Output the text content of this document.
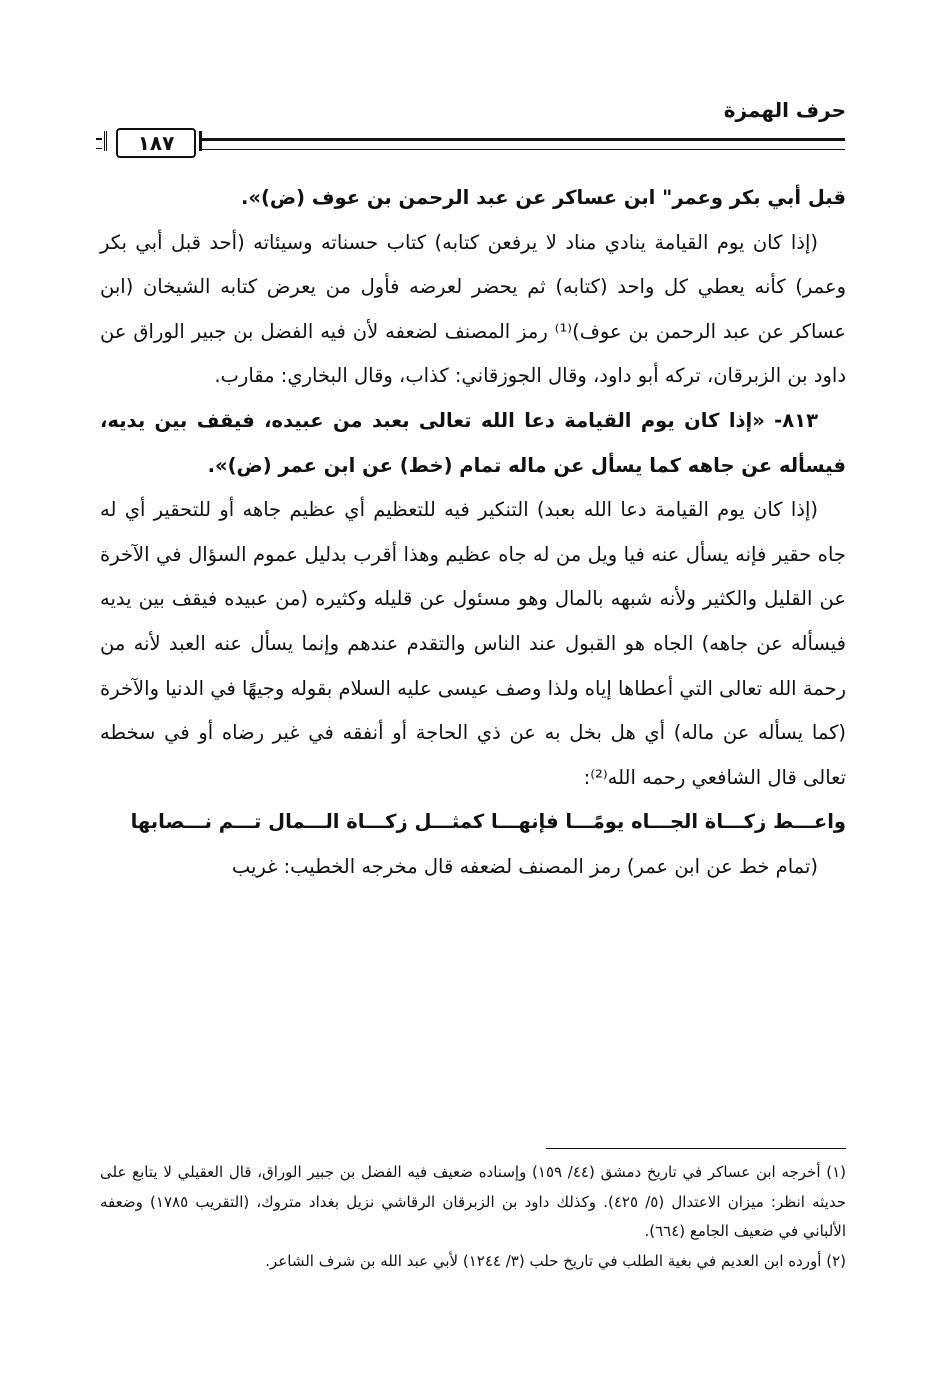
حرف الهمزة
١٨٧

قبل أبي بكر وعمر" ابن عساكر عن عبد الرحمن بن عوف (ض)».

(إذا كان يوم القيامة ينادي مناد لا يرفعن كتابه) كتاب حسناته وسيئاته (أحد قبل أبي بكر وعمر) كأنه يعطي كل واحد (كتابه) ثم يحضر لعرضه فأول من يعرض كتابه الشيخان (ابن عساكر عن عبد الرحمن بن عوف)⁽¹⁾ رمز المصنف لضعفه لأن فيه الفضل بن جبير الوراق عن داود بن الزبرقان، تركه أبو داود، وقال الجوزقاني: كذاب، وقال البخاري: مقارب.

٨١٣- «إذا كان يوم القيامة دعا الله تعالى بعبد من عبيده، فيقف بين يديه، فيسأله عن جاهه كما يسأل عن ماله تمام (خط) عن ابن عمر (ض)».

(إذا كان يوم القيامة دعا الله بعبد) التنكير فيه للتعظيم أي عظيم جاهه أو للتحقير أي له جاه حقير فإنه يسأل عنه فيا ويل من له جاه عظيم وهذا أقرب بدليل عموم السؤال في الآخرة عن القليل والكثير ولأنه شبهه بالمال وهو مسئول عن قليله وكثيره (من عبيده فيقف بين يديه فيسأله عن جاهه) الجاه هو القبول عند الناس والتقدم عندهم وإنما يسأل عنه العبد لأنه من رحمة الله تعالى التي أعطاها إياه ولذا وصف عيسى عليه السلام بقوله وجيهًا في الدنيا والآخرة (كما يسأله عن ماله) أي هل بخل به عن ذي الحاجة أو أنفقه في غير رضاه أو في سخطه تعالى قال الشافعي رحمه الله⁽²⁾:

واعـــط زكـــاة الجـــاه يومًـــا فإنهـــا كمثـــل زكـــاة الـــمال تـــم نـــصابها

(تمام خط عن ابن عمر) رمز المصنف لضعفه قال مخرجه الخطيب: غريب

(١) أخرجه ابن عساكر في تاريخ دمشق (٤٤/ ١٥٩) وإسناده ضعيف فيه الفضل بن جبير الوراق، قال العقيلي لا يتابع على حديثه انظر: ميزان الاعتدال (٥/ ٤٢٥). وكذلك داود بن الزبرقان الرقاشي نزيل بغداد متروك، (التقريب ١٧٨٥) وضعفه الألباني في ضعيف الجامع (٦٦٤).

(٢) أورده ابن العديم في بغية الطلب في تاريخ حلب (٣/ ١٢٤٤) لأبي عبد الله بن شرف الشاعر.
